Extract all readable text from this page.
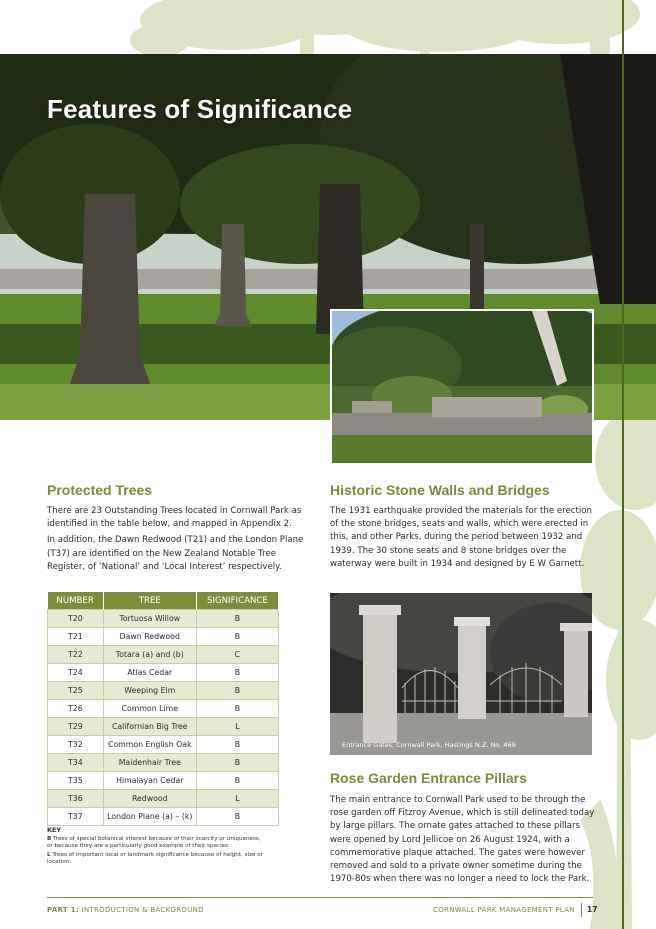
Features of Significance
Protected Trees

There are 23 Outstanding Trees located in Cornwall Park as identified in the table below, and mapped in Appendix 2.

In addition, the Dawn Redwood (T21) and the London Plane (T37) are identified on the New Zealand Notable Tree Register, of ‘National’ and ‘Local Interest’ respectively.

NUMBER	TREE	SIGNIFICANCE
T20	Tortuosa Willow	B
T21	Dawn Redwood	B
T22	Totara (a) and (b)	C
T24	Atlas Cedar	B
T25	Weeping Elm	B
T26	Common Lime	B
T29	Californian Big Tree	L
T32	Common English Oak	B
T34	Maidenhair Tree	B
T35	Himalayan Cedar	B
T36	Redwood	L
T37	London Plane (a) – (k)	B
KEY
B Trees of special botanical interest because of their scarcity or uniqueness, or because they are a particularly good example of their species.
L Trees of important local or landmark significance because of height, size or location.
Historic Stone Walls and Bridges

The 1931 earthquake provided the materials for the erection of the stone bridges, seats and walls, which were erected in this, and other Parks, during the period between 1932 and 1939. The 30 stone seats and 8 stone bridges over the waterway were built in 1934 and designed by E W Garnett.

Entrance Gates, Cornwall Park, Hastings N.Z. No. 469
Rose Garden Entrance Pillars

The main entrance to Cornwall Park used to be through the rose garden off Fitzroy Avenue, which is still delineated today by large pillars. The ornate gates attached to these pillars were opened by Lord Jellicoe on 26 August 1924, with a commemorative plaque attached. The gates were however removed and sold to a private owner sometime during the 1970-80s when there was no longer a need to lock the Park.

PART 1: INTRODUCTION & BACKGROUND	CORNWALL PARK MANAGEMENT PLAN 17
